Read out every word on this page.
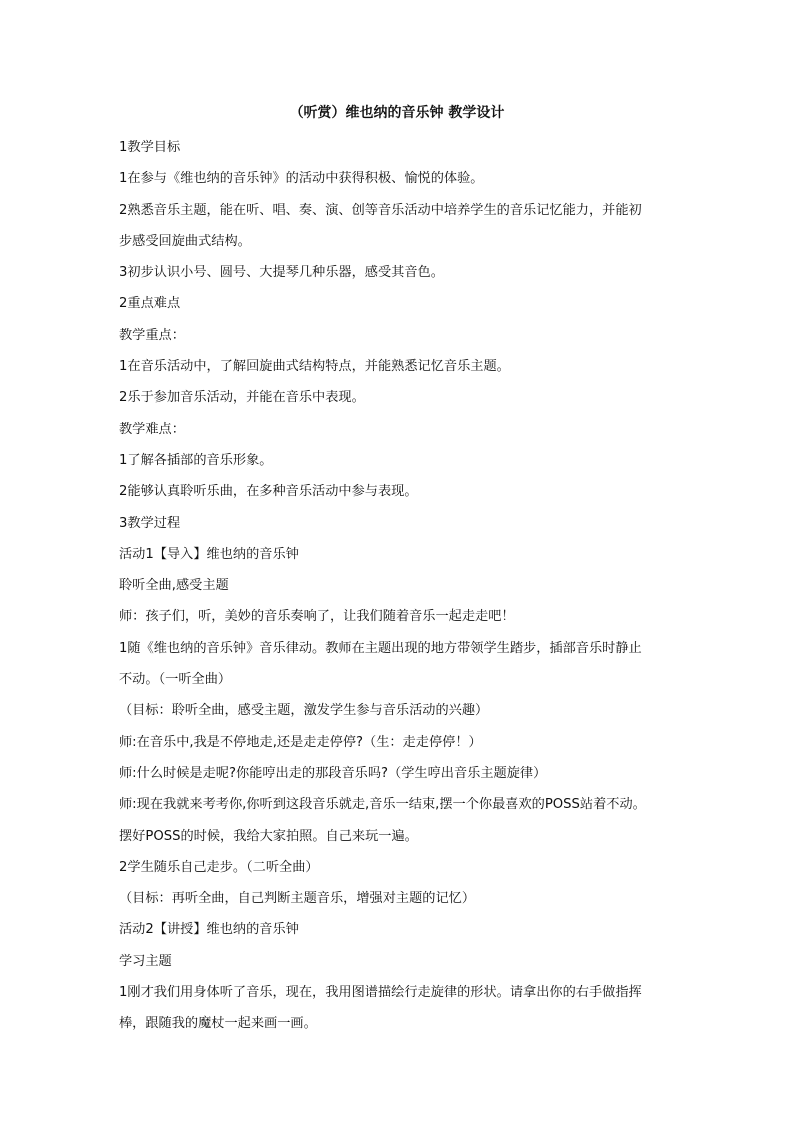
（听赏）维也纳的音乐钟 教学设计
1教学目标
1在参与《维也纳的音乐钟》的活动中获得积极、愉悦的体验。
2熟悉音乐主题，能在听、唱、奏、演、创等音乐活动中培养学生的音乐记忆能力，并能初
步感受回旋曲式结构。
3初步认识小号、圆号、大提琴几种乐器，感受其音色。
2重点难点
教学重点：
1在音乐活动中，了解回旋曲式结构特点，并能熟悉记忆音乐主题。
2乐于参加音乐活动，并能在音乐中表现。
教学难点：
1了解各插部的音乐形象。
2能够认真聆听乐曲，在多种音乐活动中参与表现。
3教学过程
活动1【导入】维也纳的音乐钟
聆听全曲,感受主题
师：孩子们，听，美妙的音乐奏响了，让我们随着音乐一起走走吧！
1随《维也纳的音乐钟》音乐律动。教师在主题出现的地方带领学生踏步，插部音乐时静止
不动。（一听全曲）
（目标：聆听全曲，感受主题，激发学生参与音乐活动的兴趣）
师:在音乐中,我是不停地走,还是走走停停?（生：走走停停！）
师:什么时候是走呢?你能哼出走的那段音乐吗?（学生哼出音乐主题旋律）
师:现在我就来考考你,你听到这段音乐就走,音乐一结束,摆一个你最喜欢的POSS站着不动。
摆好POSS的时候，我给大家拍照。自己来玩一遍。
2学生随乐自己走步。（二听全曲）
（目标：再听全曲，自己判断主题音乐，增强对主题的记忆）
活动2【讲授】维也纳的音乐钟
学习主题
1刚才我们用身体听了音乐，现在，我用图谱描绘行走旋律的形状。请拿出你的右手做指挥
棒，跟随我的魔杖一起来画一画。
